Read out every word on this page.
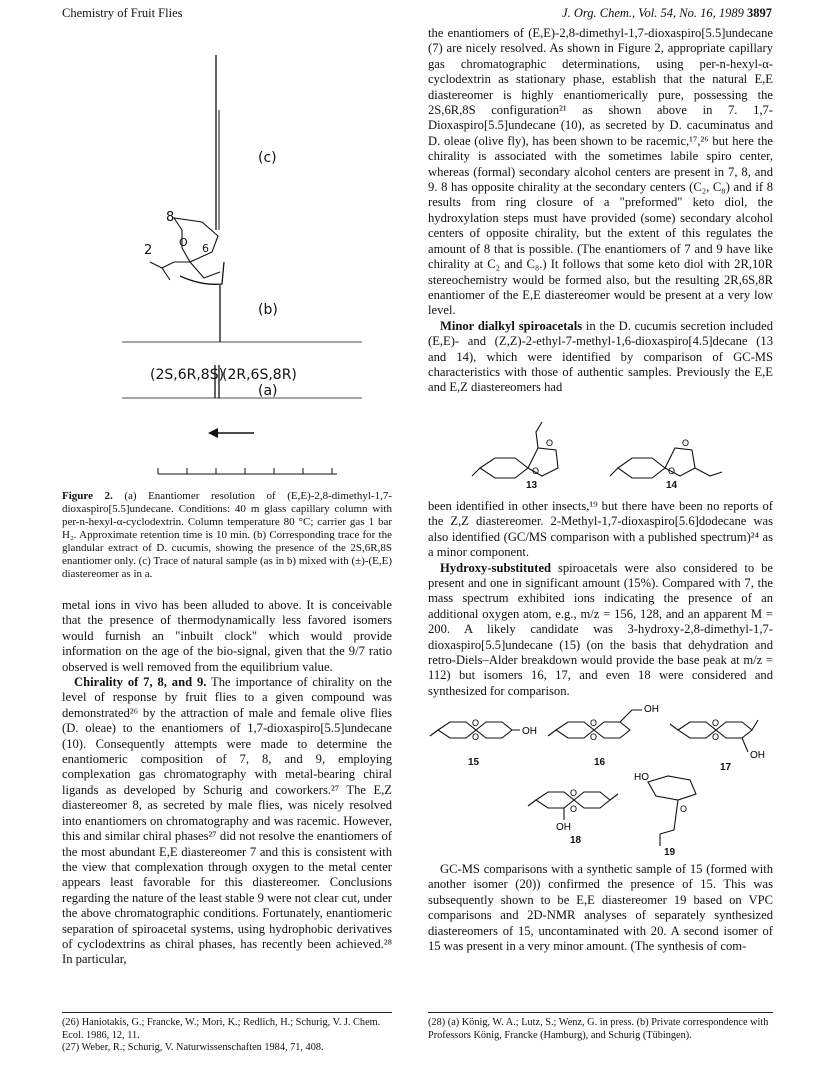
Chemistry of Fruit Flies	J. Org. Chem., Vol. 54, No. 16, 1989 3897
(c)
(b)
(a)
(2S,6R,8S)
(2R,6S,8R)
8
2	6
O
Figure 2. (a) Enantiomer resolution of (E,E)-2,8-dimethyl-1,7-dioxaspiro[5.5]undecane. Conditions: 40 m glass capillary column with per-n-hexyl-α-cyclodextrin. Column temperature 80 °C; carrier gas 1 bar H₂. Approximate retention time is 10 min. (b) Corresponding trace for the glandular extract of D. cucumis, showing the presence of the 2S,6R,8S enantiomer only. (c) Trace of natural sample (as in b) mixed with (±)-(E,E) diastereomer as in a.

metal ions in vivo has been alluded to above. It is conceivable that the presence of thermodynamically less favored isomers would furnish an "inbuilt clock" which would provide information on the age of the bio-signal, given that the 9/7 ratio observed is well removed from the equilibrium value.

Chirality of 7, 8, and 9. The importance of chirality on the level of response by fruit flies to a given compound was demonstrated²⁶ by the attraction of male and female olive flies (D. oleae) to the enantiomers of 1,7-dioxaspiro[5.5]undecane (10). Consequently attempts were made to determine the enantiomeric composition of 7, 8, and 9, employing complexation gas chromatography with metal-bearing chiral ligands as developed by Schurig and coworkers.²⁷ The E,Z diastereomer 8, as secreted by male flies, was nicely resolved into enantiomers on chromatography and was racemic. However, this and similar chiral phases²⁷ did not resolve the enantiomers of the most abundant E,E diastereomer 7 and this is consistent with the view that complexation through oxygen to the metal center appears least favorable for this diastereomer. Conclusions regarding the nature of the least stable 9 were not clear cut, under the above chromatographic conditions. Fortunately, enantiomeric separation of spiroacetal systems, using hydrophobic derivatives of cyclodextrins as chiral phases, has recently been achieved.²⁸ In particular,

(26) Haniotakis, G.; Francke, W.; Mori, K.; Redlich, H.; Schurig, V. J. Chem. Ecol. 1986, 12, 11.
(27) Weber, R.; Schurig, V. Naturwissenschaften 1984, 71, 408.

the enantiomers of (E,E)-2,8-dimethyl-1,7-dioxaspiro[5.5]undecane (7) are nicely resolved. As shown in Figure 2, appropriate capillary gas chromatographic determinations, using per-n-hexyl-α-cyclodextrin as stationary phase, establish that the natural E,E diastereomer is highly enantiomerically pure, possessing the 2S,6R,8S configuration²¹ as shown above in 7. 1,7-Dioxaspiro[5.5]undecane (10), as secreted by D. cacuminatus and D. oleae (olive fly), has been shown to be racemic,¹⁷,²⁶ but here the chirality is associated with the sometimes labile spiro center, whereas (formal) secondary alcohol centers are present in 7, 8, and 9. 8 has opposite chirality at the secondary centers (C₂, C₈) and if 8 results from ring closure of a "preformed" keto diol, the hydroxylation steps must have provided (some) secondary alcohol centers of opposite chirality, but the extent of this regulates the amount of 8 that is possible. (The enantiomers of 7 and 9 have like chirality at C₂ and C₈.) It follows that some keto diol with 2R,10R stereochemistry would be formed also, but the resulting 2R,6S,8R enantiomer of the E,E diastereomer would be present at a very low level.

Minor dialkyl spiroacetals in the D. cucumis secretion included (E,E)- and (Z,Z)-2-ethyl-7-methyl-1,6-dioxaspiro[4.5]decane (13 and 14), which were identified by comparison of GC-MS characteristics with those of authentic samples. Previously the E,E and E,Z diastereomers had

O
O
O
O
13	14

been identified in other insects,¹⁹ but there have been no reports of the Z,Z diastereomer. 2-Methyl-1,7-dioxaspiro[5.6]dodecane was also identified (GC/MS comparison with a published spectrum)²⁴ as a minor component.

Hydroxy-substituted spiroacetals were also considered to be present and one in significant amount (15%). Compared with 7, the mass spectrum exhibited ions indicating the presence of an additional oxygen atom, e.g., m/z = 156, 128, and an apparent M = 200. A likely candidate was 3-hydroxy-2,8-dimethyl-1,7-dioxaspiro[5.5]undecane (15) (on the basis that dehydration and retro-Diels–Alder breakdown would provide the base peak at m/z = 112) but isomers 16, 17, and even 18 were considered and synthesized for comparison.

OH
OH
OH
OH
HO
O
O
O
O
O
O
O
O	O
15	16	17
18
19

GC-MS comparisons with a synthetic sample of 15 (formed with another isomer (20)) confirmed the presence of 15. This was subsequently shown to be E,E diastereomer 19 based on VPC comparisons and 2D-NMR analyses of separately synthesized diastereomers of 15, uncontaminated with 20. A second isomer of 15 was present in a very minor amount. (The synthesis of com-

(28) (a) König, W. A.; Lutz, S.; Wenz, G. in press. (b) Private correspondence with Professors König, Francke (Hamburg), and Schurig (Tübingen).
